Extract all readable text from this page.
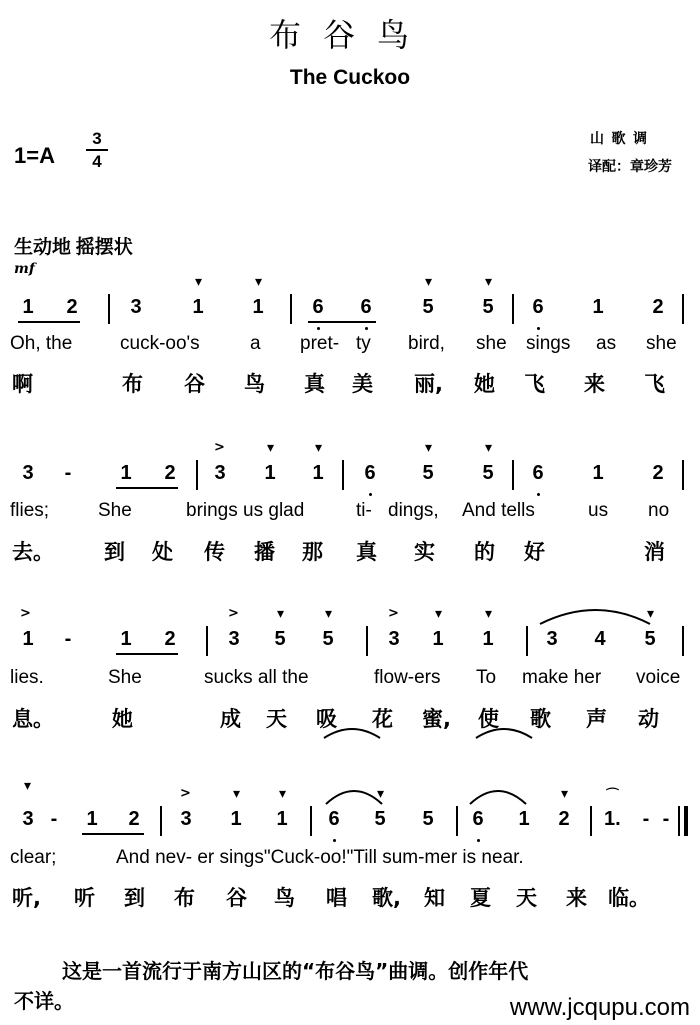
布谷鸟
The Cuckoo
1=A
3
4
山 歌 调
译配：章珍芳
生动地 摇摆状
mf
1 2	3	1
▾
1
▾
6 6	5
▾
5
▾
6 1 2
Oh, the	cuck-oo's	a pret- ty bird, she sings as she
啊	布 谷 鸟 真 美 丽, 她 飞 来 飞
3	-	1 2 3
>
1
▾
1
▾
6 5
▾
5
▾
6 1 2
flies;	She	brings us glad	ti- dings, And tells	us no
去。 到 处 传 播 那 真 实 的 好	消
>
1	-	1 2
>
3 5
▾
5
▾	>
3 1
▾
1
▾
3 4 5
▾
lies.	She	sucks all the	flow-ers To make her voice
息。	她	成 天 吸 花 蜜, 使 歌 声 动
▾
3 -	1 2
>
3 1
▾
1
▾
6 5
▾
5 6 1 2
▾	⌒
1.	- -
clear;	And nev- er sings"Cuck-oo!"Till sum-mer is near.
听, 听 到 布 谷 鸟 唱 歌, 知 夏 天 来 临。
这是一首流行于南方山区的“布谷鸟”曲调。创作年代
不详。	www.jcqupu.com
